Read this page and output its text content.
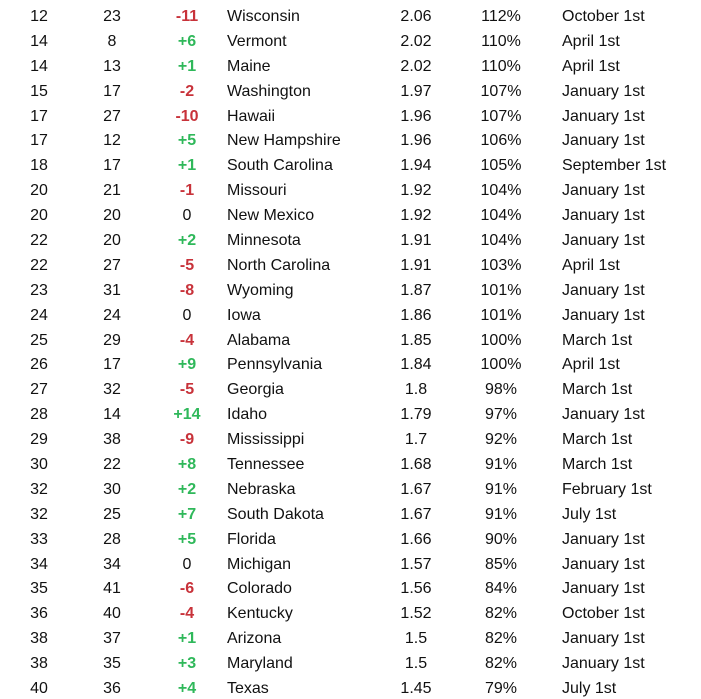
12	23	-11	Wisconsin	2.06	112%	October 1st
14	8	+6	Vermont	2.02	110%	April 1st
14	13	+1	Maine	2.02	110%	April 1st
15	17	-2	Washington	1.97	107%	January 1st
17	27	-10	Hawaii	1.96	107%	January 1st
17	12	+5	New Hampshire	1.96	106%	January 1st
18	17	+1	South Carolina	1.94	105%	September 1st
20	21	-1	Missouri	1.92	104%	January 1st
20	20	0	New Mexico	1.92	104%	January 1st
22	20	+2	Minnesota	1.91	104%	January 1st
22	27	-5	North Carolina	1.91	103%	April 1st
23	31	-8	Wyoming	1.87	101%	January 1st
24	24	0	Iowa	1.86	101%	January 1st
25	29	-4	Alabama	1.85	100%	March 1st
26	17	+9	Pennsylvania	1.84	100%	April 1st
27	32	-5	Georgia	1.8	98%	March 1st
28	14	+14	Idaho	1.79	97%	January 1st
29	38	-9	Mississippi	1.7	92%	March 1st
30	22	+8	Tennessee	1.68	91%	March 1st
32	30	+2	Nebraska	1.67	91%	February 1st
32	25	+7	South Dakota	1.67	91%	July 1st
33	28	+5	Florida	1.66	90%	January 1st
34	34	0	Michigan	1.57	85%	January 1st
35	41	-6	Colorado	1.56	84%	January 1st
36	40	-4	Kentucky	1.52	82%	October 1st
38	37	+1	Arizona	1.5	82%	January 1st
38	35	+3	Maryland	1.5	82%	January 1st
40	36	+4	Texas	1.45	79%	July 1st
